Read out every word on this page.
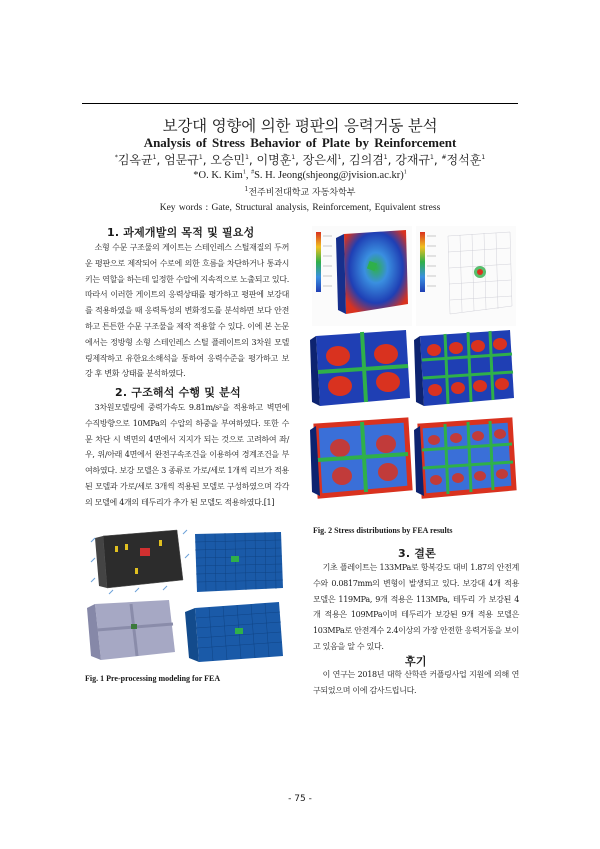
보강대 영향에 의한 평판의 응력거동 분석
Analysis of Stress Behavior of Plate by Reinforcement
*김옥균$^1$, 엄문규$^1$, 오승민$^1$, 이명훈$^1$, 장은세$^1$, 김의겸$^1$, 강재규$^1$, #정석훈$^1$
*O. K. Kim$^1$, #S. H. Jeong(shjeong@jvision.ac.kr)$^1$
$^1$전주비전대학교 자동차학부
Key words : Gate, Structural analysis, Reinforcement, Equivalent stress
1. 과제개발의 목적 및 필요성
소형 수문 구조물의 게이트는 스테인레스 스틸재질의 두꺼운 평판으로 제작되어 수로에 의한 흐름을 차단하거나 통과시키는 역할을 하는데 일정한 수압에 지속적으로 노출되고 있다. 따라서 이러한 게이트의 응력상태를 평가하고 평판에 보강대를 적용하였을 때 응력특성의 변화정도를 분석하면 보다 안전하고 튼튼한 수문 구조물을 제작 적용할 수 있다. 이에 본 논문에서는 정방형 소형 스테인레스 스틸 플레이트의 3차원 모델링제작하고 유한요소해석을 통하여 응력수준을 평가하고 보강 후 변화 상태를 분석하였다.
2. 구조해석 수행 및 분석
3차원모델링에 중력가속도 9.81m/s²을 적용하고 벽면에 수직방향으로 10MPa의 수압의 하중을 부여하였다. 또한 수문 차단 시 벽면의 4면에서 지지가 되는 것으로 고려하여 좌/우, 위/아래 4면에서 완전구속조건을 이용하여 경계조건을 부여하였다. 보강 모델은 3 종류로 가로/세로 1개씩 리브가 적용된 모델과 가로/세로 3개씩 적용된 모델로 구성하였으며 각각의 모델에 4개의 테두리가 추가 된 모델도 적용하였다.[1]
Fig. 1 Pre-processing modeling for FEA
Fig. 2 Stress distributions by FEA results
3. 결론
기초 플레이트는 133MPa로 항복강도 대비 1.87의 안전계수와 0.0817mm의 변형이 발생되고 있다. 보강대 4개 적용 모델은 119MPa, 9개 적용은 113MPa, 테두리 가 보강된 4개 적용은 109MPa이며 테두리가 보강된 9개 적용 모델은 103MPa로 안전계수 2.4이상의 가장 안전한 응력거동을 보이고 있음을 알 수 있다.
후기
이 연구는 2018년 대학 산학관 커플링사업 지원에 의해 연구되었으며 이에 감사드립니다.
- 75 -
